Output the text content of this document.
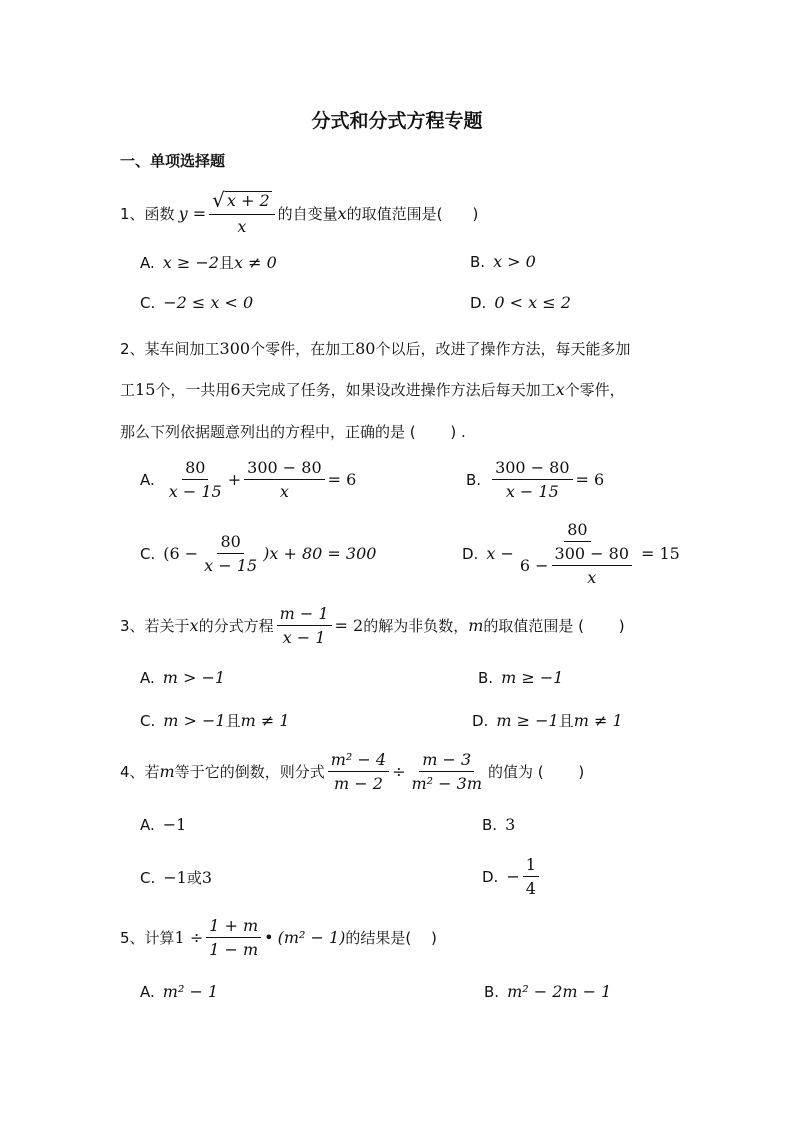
分式和分式方程专题
一、单项选择题
1、 函数 $y = \frac{√ x + 2}{x}$ 的自变量 x 的取值范围是(　　)
A. x ≥ −2 且 x ≠ 0	B. x > 0
C. −2 ≤ x < 0	D. 0 < x ≤ 2
2、某车间加工 300 个零件，在加工 80 个以后，改进了操作方法，每天能多加
工 15 个，一共用 6 天完成了任务，如果设改进操作方法后每天加工 x 个零件，
那么下列依据题意列出的方程中，正确的是 (　　 ) .
A. $\frac{80}{x - 15} + \frac{300 - 80}{x} = 6$	B. $\frac{300 - 80}{x - 15} = 6$
C. $(6 - \frac{80}{x - 15} )x + 80 = 300$	D. $x - \frac{80}{6 - \frac{300 - 80}{x}} = 15$
3、若关于 x 的分式方程 $\frac{m - 1}{x - 1} = 2$ 的解为非负数， m 的取值范围是 (　　 )
A. m > −1	B. m ≥ −1
C. m > −1 且 m ≠ 1	D. m ≥ −1 且 m ≠ 1
4、若 m 等于它的倒数，则分式 $\frac{\text{m² − 4}}{m - 2} \div \frac{m - 3}{\text{m² − 3m}}$ 的值为 (　　 )
A. −1	B. 3
C. −1 或 3	D. − $\frac{1}{4}$
5、计算 $1 \div \frac{1 + m}{1 - m}$ • (m² − 1) 的结果是(　 )
A. m² − 1	B. m² − 2m − 1
